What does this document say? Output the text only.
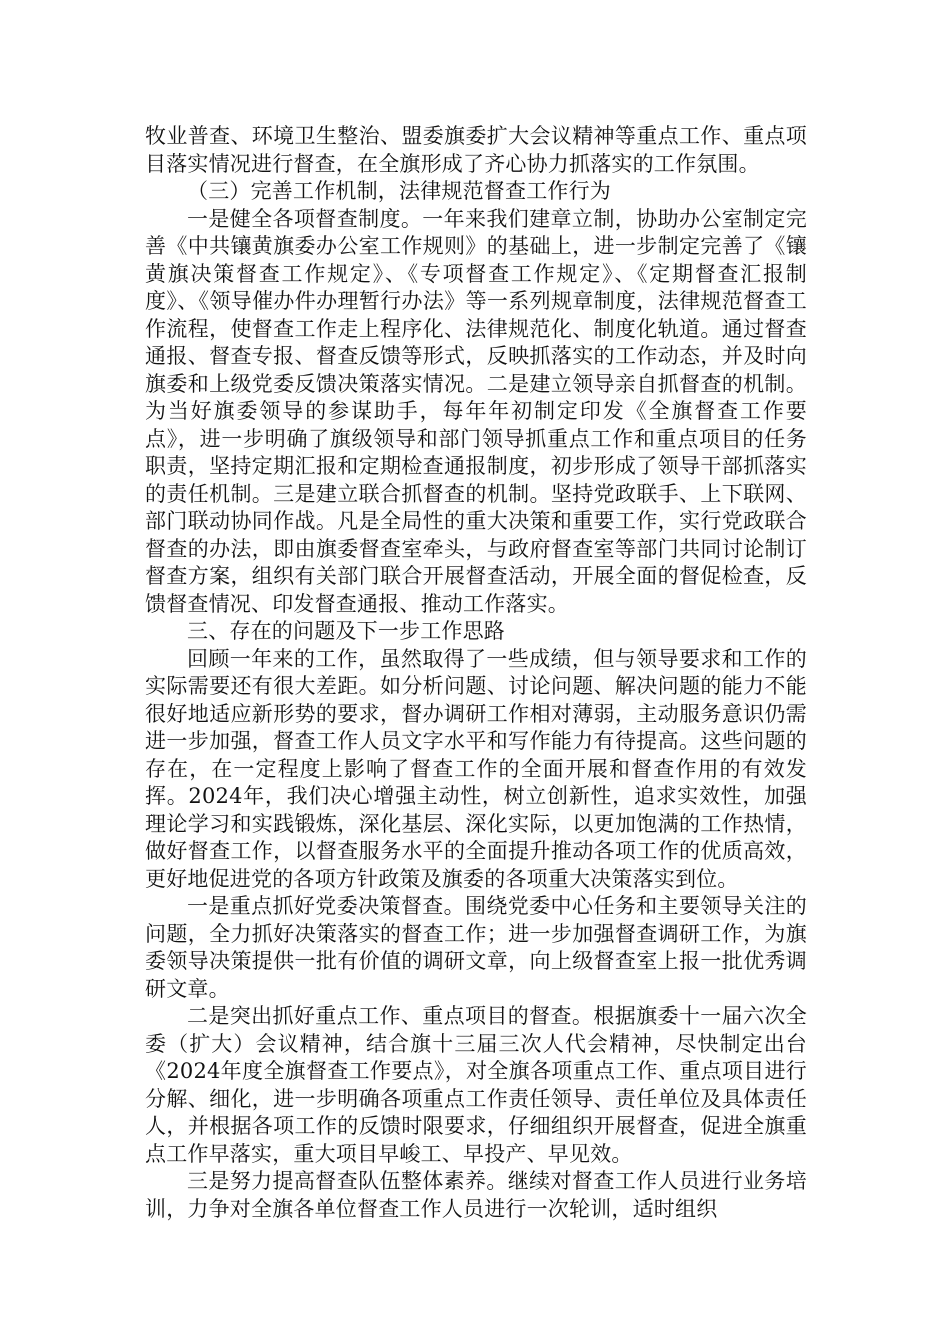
牧业普查、环境卫生整治、盟委旗委扩大会议精神等重点工作、重点项目落实情况进行督查，在全旗形成了齐心协力抓落实的工作氛围。

（三）完善工作机制，法律规范督查工作行为

一是健全各项督查制度。一年来我们建章立制，协助办公室制定完善《中共镶黄旗委办公室工作规则》的基础上，进一步制定完善了《镶黄旗决策督查工作规定》、《专项督查工作规定》、《定期督查汇报制度》、《领导催办件办理暂行办法》等一系列规章制度，法律规范督查工作流程，使督查工作走上程序化、法律规范化、制度化轨道。通过督查通报、督查专报、督查反馈等形式，反映抓落实的工作动态，并及时向旗委和上级党委反馈决策落实情况。二是建立领导亲自抓督查的机制。为当好旗委领导的参谋助手，每年年初制定印发《全旗督查工作要点》，进一步明确了旗级领导和部门领导抓重点工作和重点项目的任务职责，坚持定期汇报和定期检查通报制度，初步形成了领导干部抓落实的责任机制。三是建立联合抓督查的机制。坚持党政联手、上下联网、部门联动协同作战。凡是全局性的重大决策和重要工作，实行党政联合督查的办法，即由旗委督查室牵头，与政府督查室等部门共同讨论制订督查方案，组织有关部门联合开展督查活动，开展全面的督促检查，反馈督查情况、印发督查通报、推动工作落实。

三、存在的问题及下一步工作思路

回顾一年来的工作，虽然取得了一些成绩，但与领导要求和工作的实际需要还有很大差距。如分析问题、讨论问题、解决问题的能力不能很好地适应新形势的要求，督办调研工作相对薄弱，主动服务意识仍需进一步加强，督查工作人员文字水平和写作能力有待提高。这些问题的存在，在一定程度上影响了督查工作的全面开展和督查作用的有效发挥。2024年，我们决心增强主动性，树立创新性，追求实效性，加强理论学习和实践锻炼，深化基层、深化实际，以更加饱满的工作热情，做好督查工作，以督查服务水平的全面提升推动各项工作的优质高效，更好地促进党的各项方针政策及旗委的各项重大决策落实到位。

一是重点抓好党委决策督查。围绕党委中心任务和主要领导关注的问题，全力抓好决策落实的督查工作；进一步加强督查调研工作，为旗委领导决策提供一批有价值的调研文章，向上级督查室上报一批优秀调研文章。

二是突出抓好重点工作、重点项目的督查。根据旗委十一届六次全委（扩大）会议精神，结合旗十三届三次人代会精神，尽快制定出台《2024年度全旗督查工作要点》，对全旗各项重点工作、重点项目进行分解、细化，进一步明确各项重点工作责任领导、责任单位及具体责任人，并根据各项工作的反馈时限要求，仔细组织开展督查，促进全旗重点工作早落实，重大项目早峻工、早投产、早见效。

三是努力提高督查队伍整体素养。继续对督查工作人员进行业务培训，力争对全旗各单位督查工作人员进行一次轮训，适时组织
